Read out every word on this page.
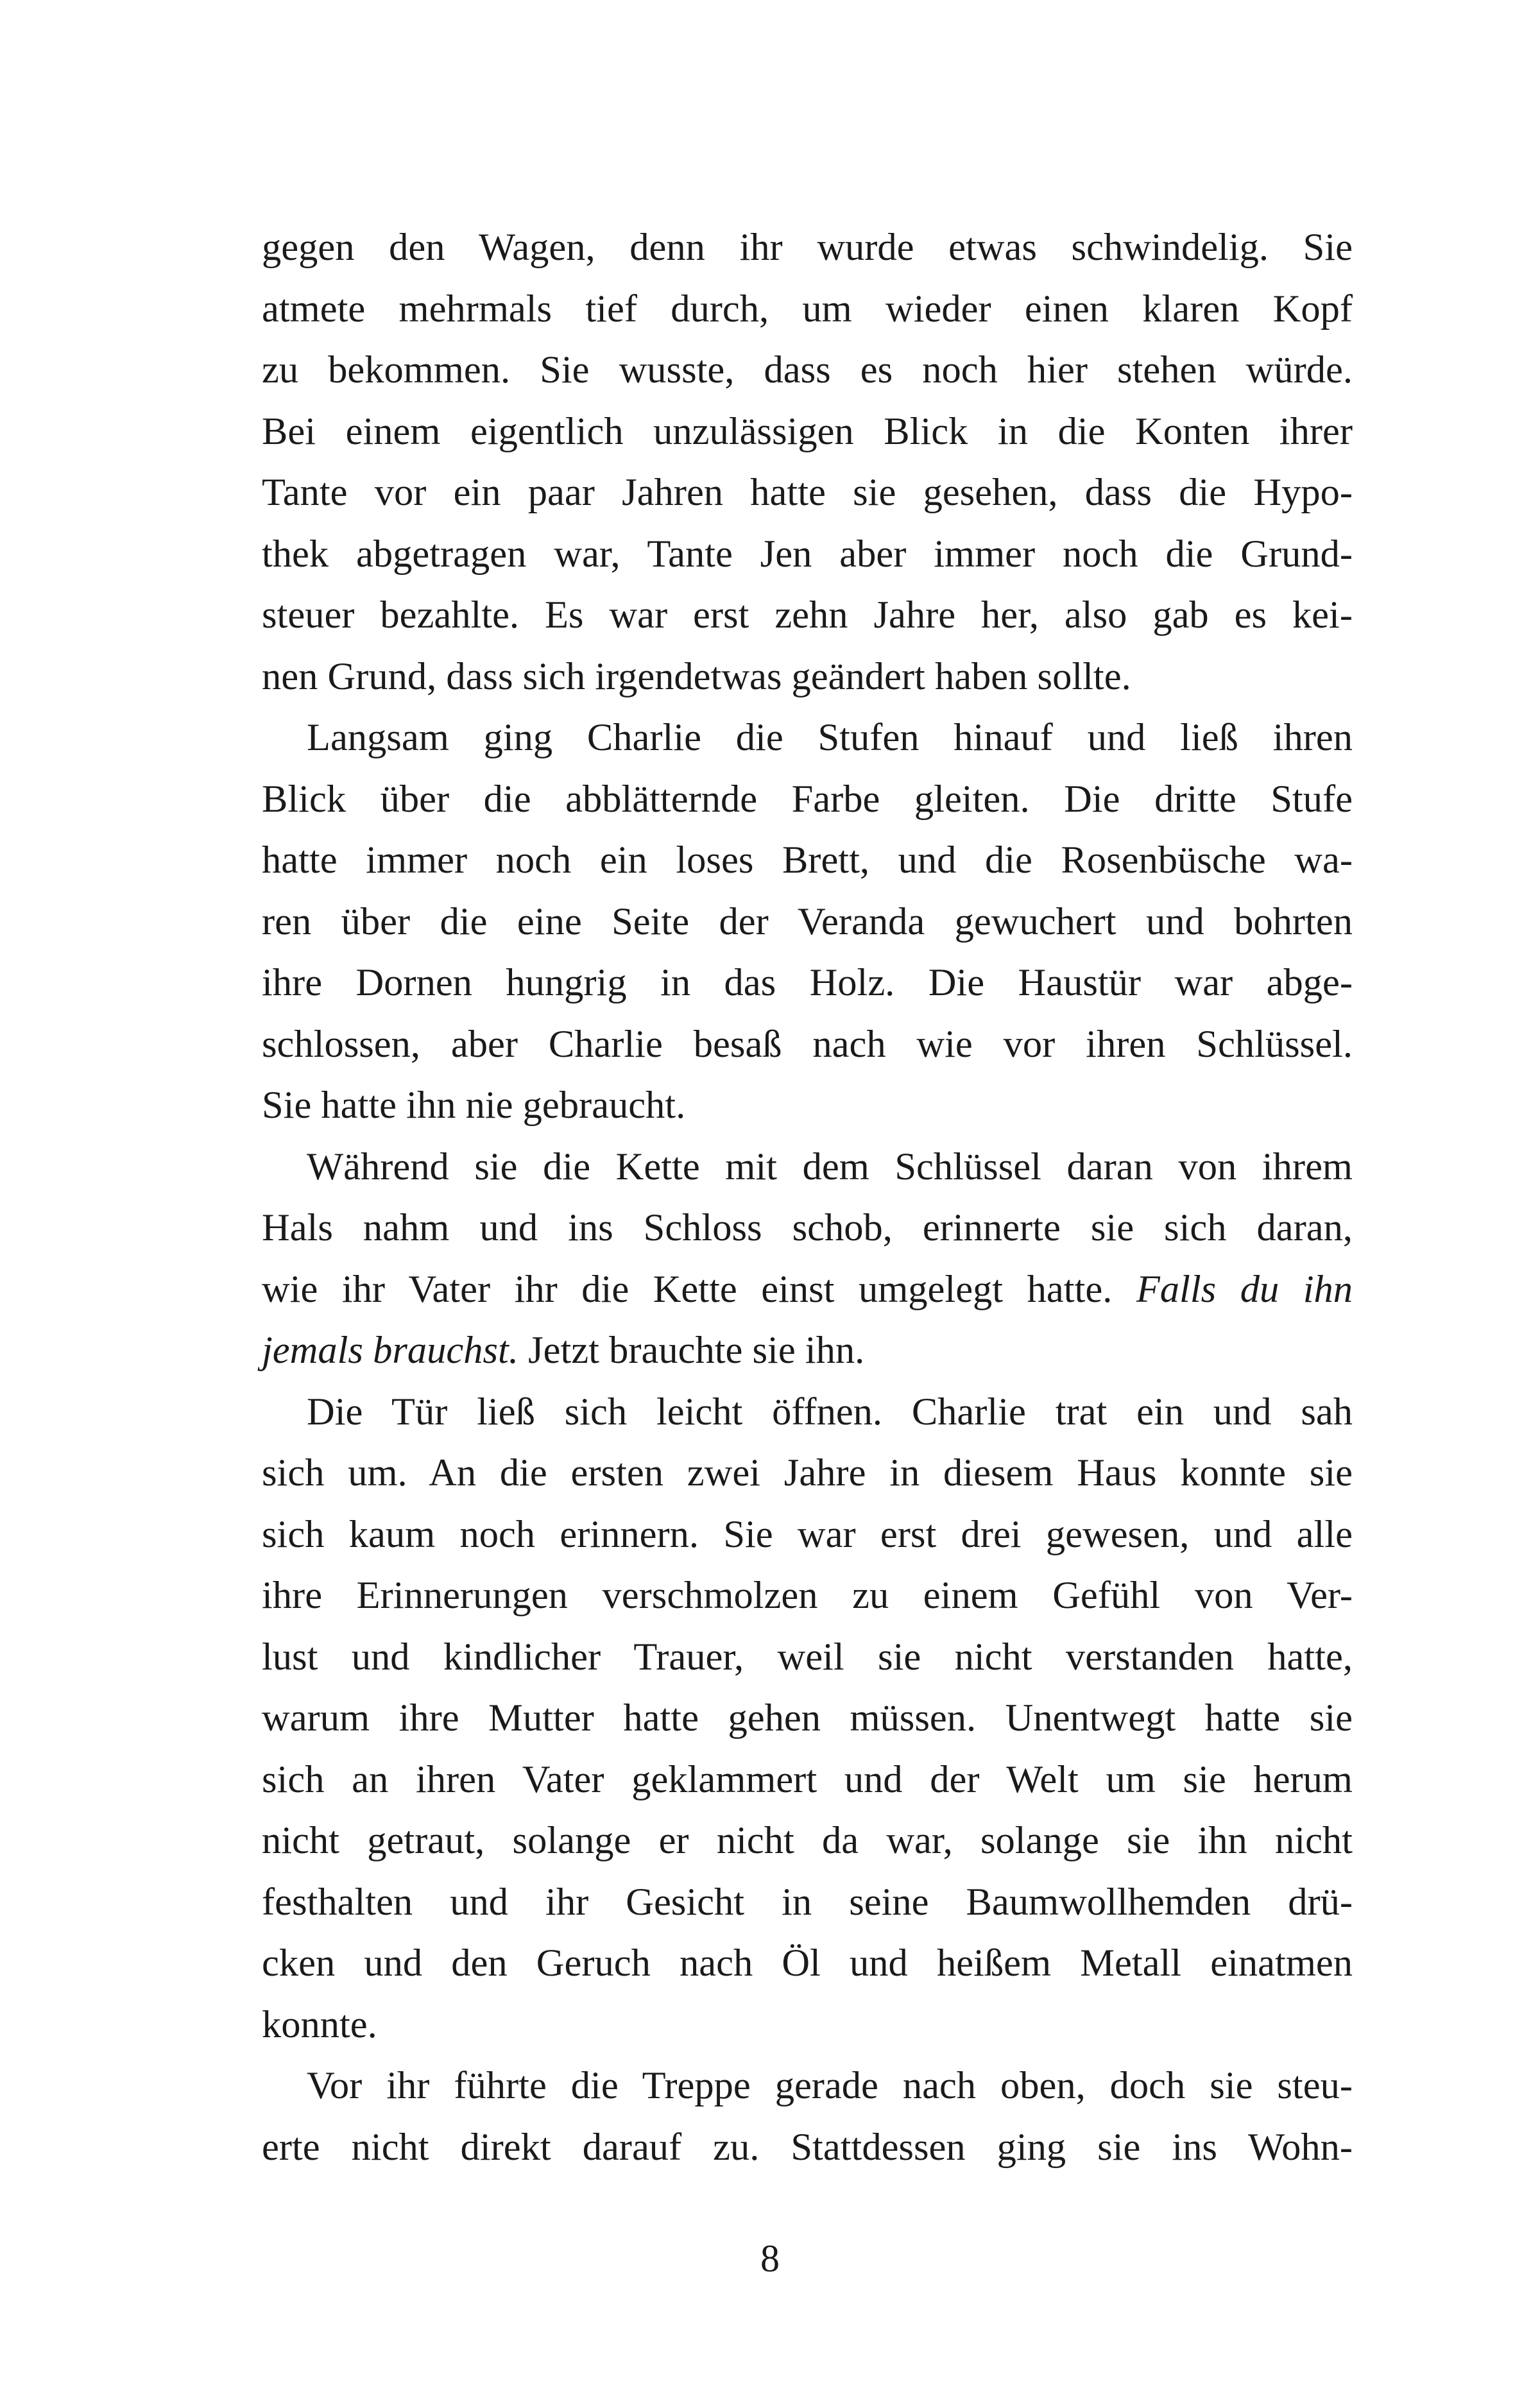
gegen den Wagen, denn ihr wurde etwas schwindelig. Sie
atmete mehrmals tief durch, um wieder einen klaren Kopf
zu bekommen. Sie wusste, dass es noch hier stehen würde.
Bei einem eigentlich unzulässigen Blick in die Konten ihrer
Tante vor ein paar Jahren hatte sie gesehen, dass die Hypo-
thek abgetragen war, Tante Jen aber immer noch die Grund-
steuer bezahlte. Es war erst zehn Jahre her, also gab es kei-
nen Grund, dass sich irgendetwas geändert haben sollte.
Langsam ging Charlie die Stufen hinauf und ließ ihren
Blick über die abblätternde Farbe gleiten. Die dritte Stufe
hatte immer noch ein loses Brett, und die Rosenbüsche wa-
ren über die eine Seite der Veranda gewuchert und bohrten
ihre Dornen hungrig in das Holz. Die Haustür war abge-
schlossen, aber Charlie besaß nach wie vor ihren Schlüssel.
Sie hatte ihn nie gebraucht.
Während sie die Kette mit dem Schlüssel daran von ihrem
Hals nahm und ins Schloss schob, erinnerte sie sich daran,
wie ihr Vater ihr die Kette einst umgelegt hatte. Falls du ihn
jemals brauchst. Jetzt brauchte sie ihn.
Die Tür ließ sich leicht öffnen. Charlie trat ein und sah
sich um. An die ersten zwei Jahre in diesem Haus konnte sie
sich kaum noch erinnern. Sie war erst drei gewesen, und alle
ihre Erinnerungen verschmolzen zu einem Gefühl von Ver-
lust und kindlicher Trauer, weil sie nicht verstanden hatte,
warum ihre Mutter hatte gehen müssen. Unentwegt hatte sie
sich an ihren Vater geklammert und der Welt um sie herum
nicht getraut, solange er nicht da war, solange sie ihn nicht
festhalten und ihr Gesicht in seine Baumwollhemden drü-
cken und den Geruch nach Öl und heißem Metall einatmen
konnte.
Vor ihr führte die Treppe gerade nach oben, doch sie steu-
erte nicht direkt darauf zu. Stattdessen ging sie ins Wohn-
8
